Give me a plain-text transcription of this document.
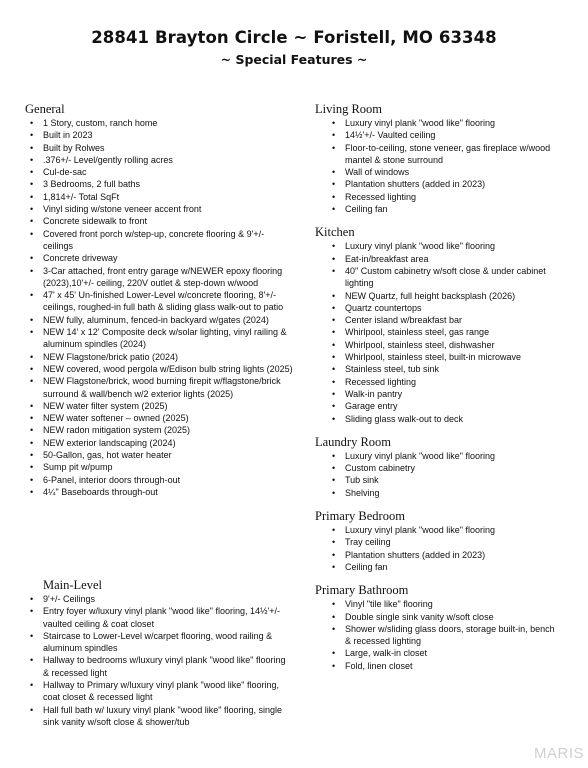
28841 Brayton Circle ~ Foristell, MO 63348
~ Special Features ~
General
• 1 Story, custom, ranch home
• Built in 2023
• Built by Rolwes
• .376+/- Level/gently rolling acres
• Cul-de-sac
• 3 Bedrooms, 2 full baths
• 1,814+/- Total SqFt
• Vinyl siding w/stone veneer accent front
• Concrete sidewalk to front
• Covered front porch w/step-up, concrete flooring & 9'+/- ceilings
• Concrete driveway
• 3-Car attached, front entry garage w/NEWER epoxy flooring (2023),10'+/- ceiling, 220V outlet & step-down w/wood
• 47' x 45' Un-finished Lower-Level w/concrete flooring, 8'+/- ceilings, roughed-in full bath & sliding glass walk-out to patio
• NEW fully, aluminum, fenced-in backyard w/gates (2024)
• NEW 14' x 12' Composite deck w/solar lighting, vinyl railing & aluminum spindles (2024)
• NEW Flagstone/brick patio (2024)
• NEW covered, wood pergola w/Edison bulb string lights (2025)
• NEW Flagstone/brick, wood burning firepit w/flagstone/brick surround & wall/bench w/2 exterior lights (2025)
• NEW water filter system (2025)
• NEW water softener – owned (2025)
• NEW radon mitigation system (2025)
• NEW exterior landscaping (2024)
• 50-Gallon, gas, hot water heater
• Sump pit w/pump
• 6-Panel, interior doors through-out
• 4¼" Baseboards through-out
Main-Level
• 9'+/- Ceilings
• Entry foyer w/luxury vinyl plank "wood like" flooring, 14½'+/- vaulted ceiling & coat closet
• Staircase to Lower-Level w/carpet flooring, wood railing & aluminum spindles
• Hallway to bedrooms w/luxury vinyl plank "wood like" flooring & recessed light
• Hallway to Primary w/luxury vinyl plank "wood like" flooring, coat closet & recessed light
• Hall full bath w/ luxury vinyl plank "wood like" flooring, single sink vanity w/soft close & shower/tub
Living Room
• Luxury vinyl plank "wood like" flooring
• 14½'+/- Vaulted ceiling
• Floor-to-ceiling, stone veneer, gas fireplace w/wood mantel & stone surround
• Wall of windows
• Plantation shutters (added in 2023)
• Recessed lighting
• Ceiling fan
Kitchen
• Luxury vinyl plank "wood like" flooring
• Eat-in/breakfast area
• 40" Custom cabinetry w/soft close & under cabinet lighting
• NEW Quartz, full height backsplash (2026)
• Quartz countertops
• Center island w/breakfast bar
• Whirlpool, stainless steel, gas range
• Whirlpool, stainless steel, dishwasher
• Whirlpool, stainless steel, built-in microwave
• Stainless steel, tub sink
• Recessed lighting
• Walk-in pantry
• Garage entry
• Sliding glass walk-out to deck
Laundry Room
• Luxury vinyl plank "wood like" flooring
• Custom cabinetry
• Tub sink
• Shelving
Primary Bedroom
• Luxury vinyl plank "wood like" flooring
• Tray ceiling
• Plantation shutters (added in 2023)
• Ceiling fan
Primary Bathroom
• Vinyl "tile like" flooring
• Double single sink vanity w/soft close
• Shower w/sliding glass doors, storage built-in, bench & recessed lighting
• Large, walk-in closet
• Fold, linen closet
MARIS
